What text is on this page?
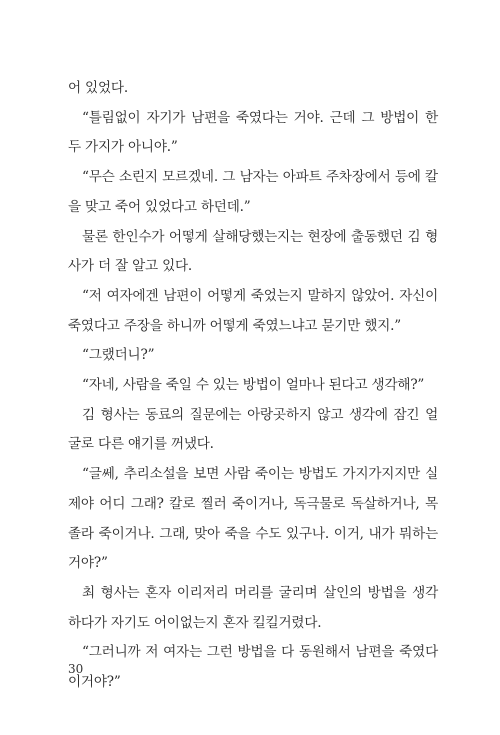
어 있었다.

“틀림없이 자기가 남편을 죽였다는 거야. 근데 그 방법이 한 두 가지가 아니야.”

“무슨 소린지 모르겠네. 그 남자는 아파트 주차장에서 등에 칼을 맞고 죽어 있었다고 하던데.”

물론 한인수가 어떻게 살해당했는지는 현장에 출동했던 김 형사가 더 잘 알고 있다.

“저 여자에겐 남편이 어떻게 죽었는지 말하지 않았어. 자신이 죽였다고 주장을 하니까 어떻게 죽였느냐고 묻기만 했지.”

“그랬더니?”

“자네, 사람을 죽일 수 있는 방법이 얼마나 된다고 생각해?”

김 형사는 동료의 질문에는 아랑곳하지 않고 생각에 잠긴 얼굴로 다른 얘기를 꺼냈다.

“글쎄, 추리소설을 보면 사람 죽이는 방법도 가지가지지만 실제야 어디 그래? 칼로 찔러 죽이거나, 독극물로 독살하거나, 목 졸라 죽이거나. 그래, 맞아 죽을 수도 있구나. 이거, 내가 뭐하는 거야?”

최 형사는 혼자 이리저리 머리를 굴리며 살인의 방법을 생각하다가 자기도 어이없는지 혼자 킬킬거렸다.

“그러니까 저 여자는 그런 방법을 다 동원해서 남편을 죽였다 이거야?”

30
